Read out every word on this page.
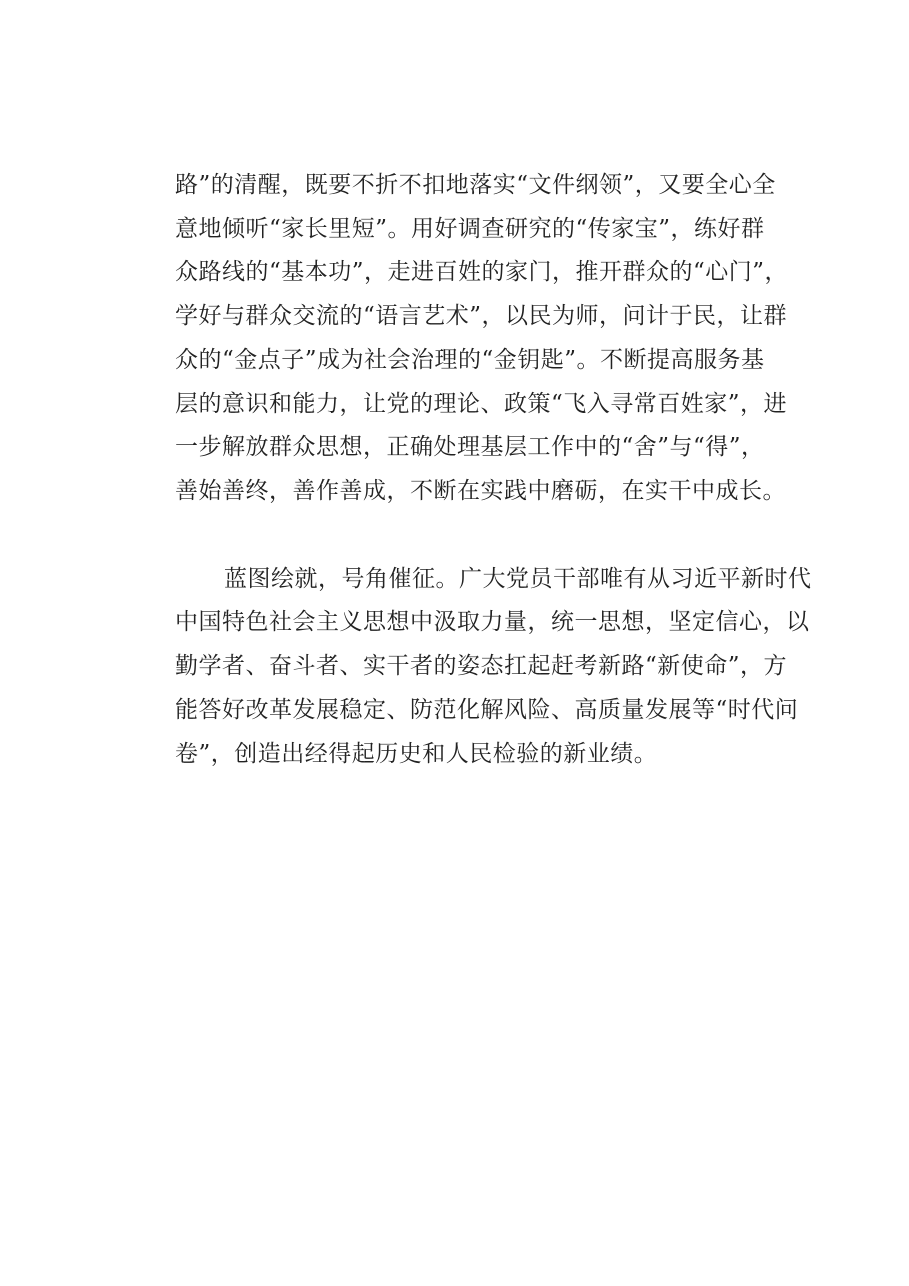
路”的清醒，既要不折不扣地落实“文件纲领”，又要全心全
意地倾听“家长里短”。用好调查研究的“传家宝”，练好群
众路线的“基本功”，走进百姓的家门，推开群众的“心门”，
学好与群众交流的“语言艺术”，以民为师，问计于民，让群
众的“金点子”成为社会治理的“金钥匙”。不断提高服务基
层的意识和能力，让党的理论、政策“飞入寻常百姓家”，进
一步解放群众思想，正确处理基层工作中的“舍”与“得”，
善始善终，善作善成，不断在实践中磨砺，在实干中成长。
蓝图绘就，号角催征。广大党员干部唯有从习近平新时代
中国特色社会主义思想中汲取力量，统一思想，坚定信心，以
勤学者、奋斗者、实干者的姿态扛起赶考新路“新使命”，方
能答好改革发展稳定、防范化解风险、高质量发展等“时代问
卷”，创造出经得起历史和人民检验的新业绩。
